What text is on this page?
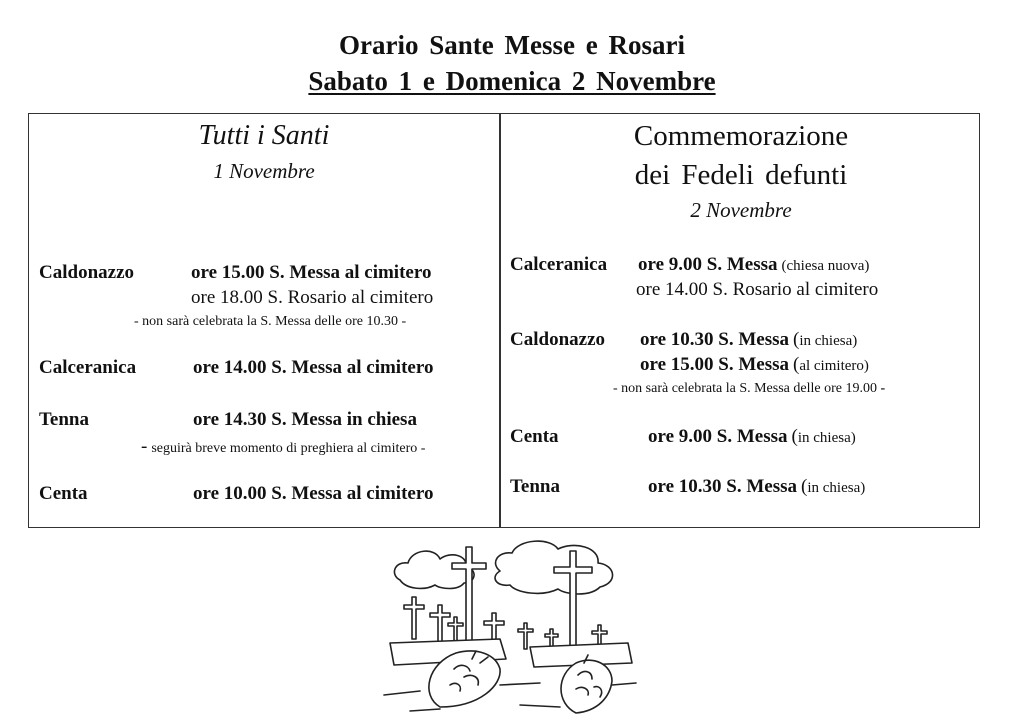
Orario Sante Messe e Rosari
Sabato 1 e Domenica 2 Novembre
Tutti i Santi
1 Novembre
Caldonazzo	ore 15.00 S. Messa al cimitero
ore 18.00 S. Rosario al cimitero
- non sarà celebrata la S. Messa delle ore 10.30 -
Calceranica	ore 14.00 S. Messa al cimitero
Tenna	ore 14.30 S. Messa in chiesa
- seguirà breve momento di preghiera al cimitero -
Centa	ore 10.00 S. Messa al cimitero
Commemorazione
dei Fedeli defunti
2 Novembre
Calceranica ore 9.00 S. Messa (chiesa nuova)
ore 14.00 S. Rosario al cimitero
Caldonazzo ore 10.30 S. Messa (in chiesa)
ore 15.00 S. Messa (al cimitero)
- non sarà celebrata la S. Messa delle ore 19.00 -
Centa	ore 9.00 S. Messa (in chiesa)
Tenna	ore 10.30 S. Messa (in chiesa)
